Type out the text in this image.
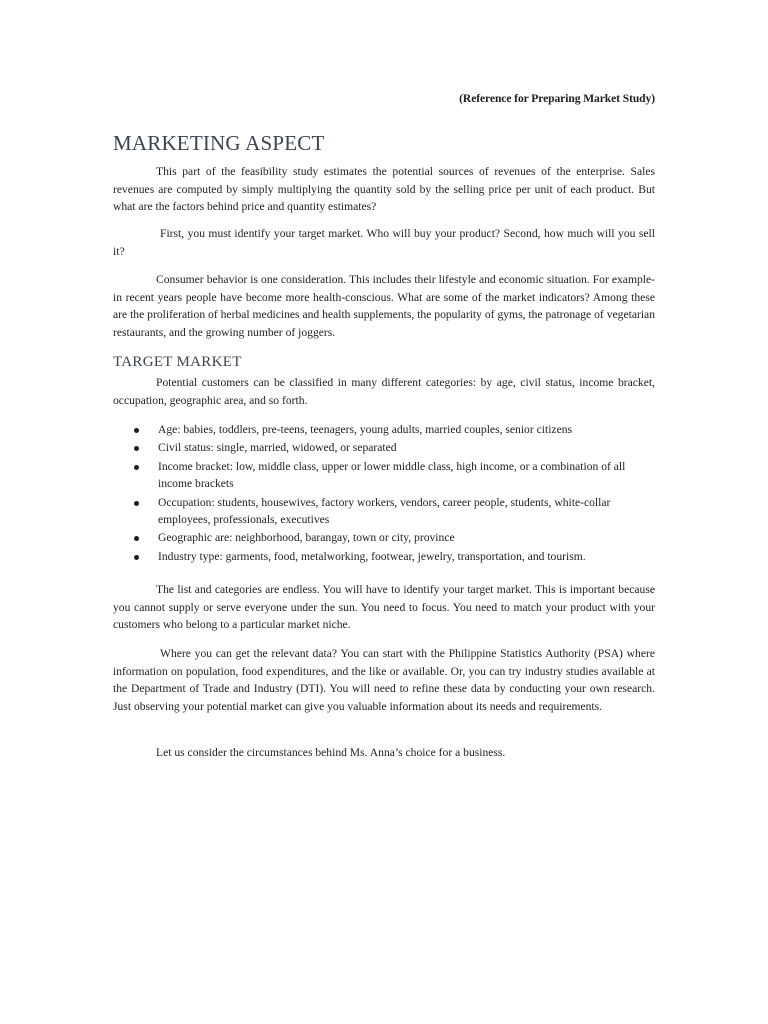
(Reference for Preparing Market Study)
MARKETING ASPECT

This part of the feasibility study estimates the potential sources of revenues of the enterprise. Sales revenues are computed by simply multiplying the quantity sold by the selling price per unit of each product. But what are the factors behind price and quantity estimates?

First, you must identify your target market. Who will buy your product? Second, how much will you sell it?

Consumer behavior is one consideration. This includes their lifestyle and economic situation. For example-in recent years people have become more health-conscious. What are some of the market indicators? Among these are the proliferation of herbal medicines and health supplements, the popularity of gyms, the patronage of vegetarian restaurants, and the growing number of joggers.

TARGET MARKET

Potential customers can be classified in many different categories: by age, civil status, income bracket, occupation, geographic area, and so forth.

Age: babies, toddlers, pre-teens, teenagers, young adults, married couples, senior citizens
Civil status: single, married, widowed, or separated
Income bracket: low, middle class, upper or lower middle class, high income, or a combination of all income brackets
Occupation: students, housewives, factory workers, vendors, career people, students, white-collar employees, professionals, executives
Geographic are: neighborhood, barangay, town or city, province
Industry type: garments, food, metalworking, footwear, jewelry, transportation, and tourism.

The list and categories are endless. You will have to identify your target market. This is important because you cannot supply or serve everyone under the sun. You need to focus. You need to match your product with your customers who belong to a particular market niche.

Where you can get the relevant data? You can start with the Philippine Statistics Authority (PSA) where information on population, food expenditures, and the like or available. Or, you can try industry studies available at the Department of Trade and Industry (DTI). You will need to refine these data by conducting your own research. Just observing your potential market can give you valuable information about its needs and requirements.

Let us consider the circumstances behind Ms. Anna’s choice for a business.
